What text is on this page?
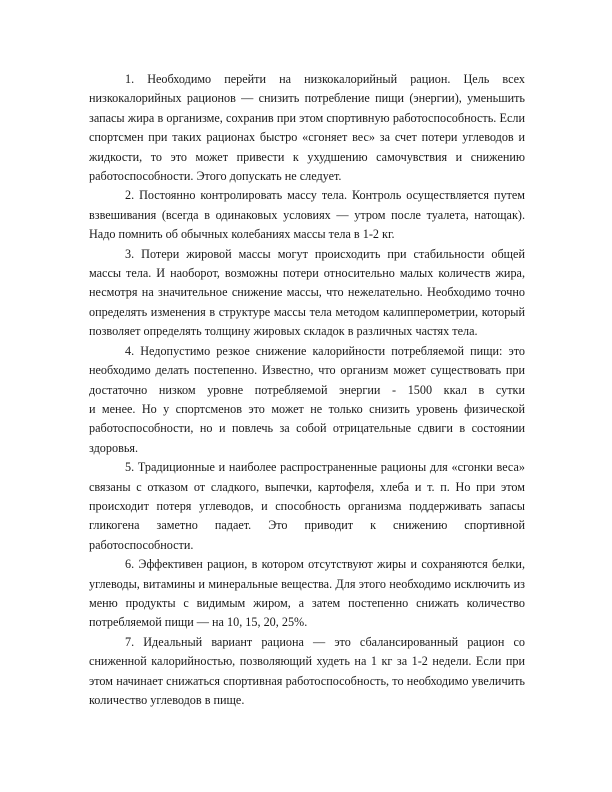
1. Необходимо перейти на низкокалорийный рацион. Цель всех низкокалорийных рационов — снизить потребление пищи (энергии), уменьшить запасы жира в организме, сохранив при этом спортивную работоспособность. Если спортсмен при таких рационах быстро «сгоняет вес» за счет потери углеводов и жидкости, то это может привести к ухудшению самочувствия и снижению работоспособности. Этого допускать не следует.

2. Постоянно контролировать массу тела. Контроль осуществляется путем взвешивания (всегда в одинаковых условиях — утром после туалета, натощак). Надо помнить об обычных колебаниях массы тела в 1-2 кг.

3. Потери жировой массы могут происходить при стабильности общей массы тела. И наоборот, возможны потери относительно малых количеств жира, несмотря на значительное снижение массы, что нежелательно. Необходимо точно определять изменения в структуре массы тела методом калипперометрии, который позволяет определять толщину жировых складок в различных частях тела.

4. Недопустимо резкое снижение калорийности потребляемой пищи: это необходимо делать постепенно. Известно, что организм может существовать при достаточно низком уровне потребляемой энергии - 1500 ккал в сутки

и менее. Но у спортсменов это может не только снизить уровень физической работоспособности, но и повлечь за собой отрицательные сдвиги в состоянии здоровья.

5. Традиционные и наиболее распространенные рационы для «сгонки веса» связаны с отказом от сладкого, выпечки, картофеля, хлеба и т. п. Но при этом происходит потеря углеводов, и способность организма поддерживать запасы гликогена заметно падает. Это приводит к снижению спортивной работоспособности.

6. Эффективен рацион, в котором отсутствуют жиры и сохраняются белки, углеводы, витамины и минеральные вещества. Для этого необходимо исключить из меню продукты с видимым жиром, а затем постепенно снижать количество потребляемой пищи — на 10, 15, 20, 25%.

7. Идеальный вариант рациона — это сбалансированный рацион со сниженной калорийностью, позволяющий худеть на 1 кг за 1-2 недели. Если при этом начинает снижаться спортивная работоспособность, то необходимо увеличить количество углеводов в пище.
